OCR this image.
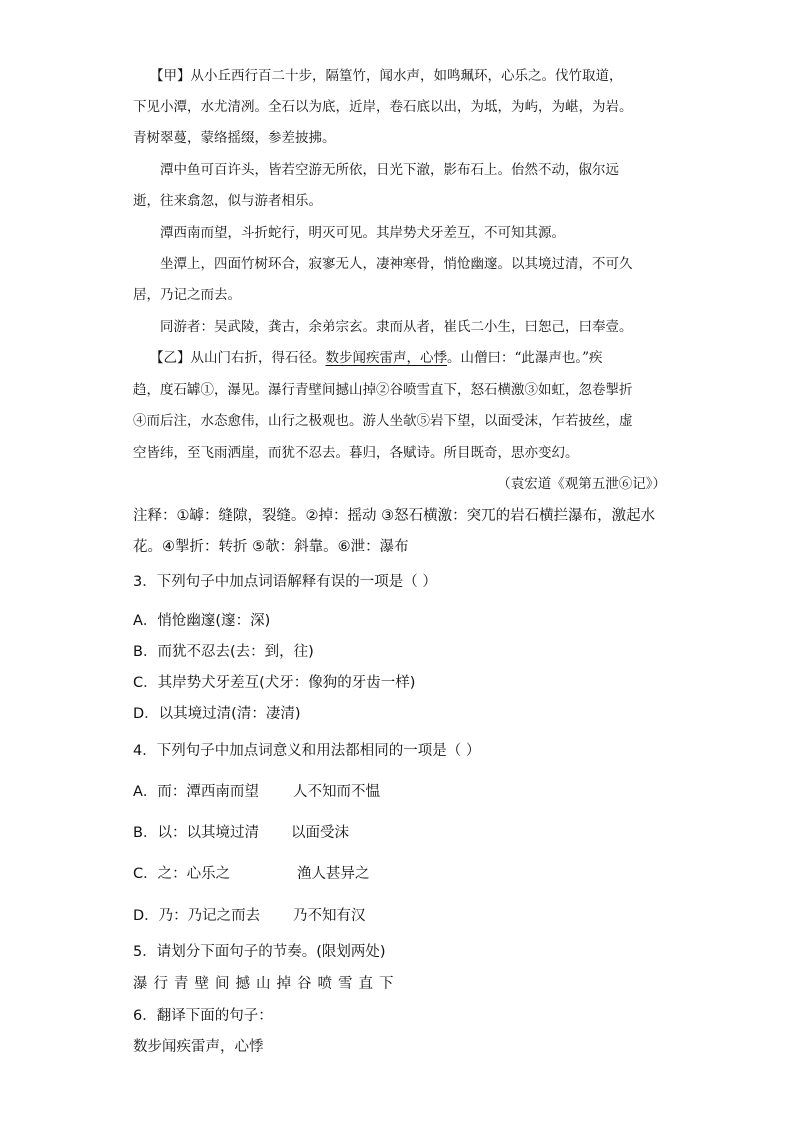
【甲】从小丘西行百二十步，隔篁竹，闻水声，如鸣珮环，心乐之。伐竹取道，
下见小潭，水尤清冽。全石以为底，近岸，卷石底以出，为坻，为屿，为嵁，为岩。
青树翠蔓，蒙络摇缀，参差披拂。
潭中鱼可百许头，皆若空游无所依，日光下澈，影布石上。佁然不动，俶尔远
逝，往来翕忽，似与游者相乐。
潭西南而望，斗折蛇行，明灭可见。其岸势犬牙差互，不可知其源。
坐潭上，四面竹树环合，寂寥无人，凄神寒骨，悄怆幽邃。以其境过清，不可久
居，乃记之而去。
同游者：吴武陵，龚古，余弟宗玄。隶而从者，崔氏二小生，曰恕己，曰奉壹。
【乙】从山门右折，得石径。数步闻疾雷声，心悸。山僧曰：“此瀑声也。”疾
趋，度石罅①，瀑见。瀑行青壁间撼山掉②谷喷雪直下，怒石横激③如虹，忽卷掣折
④而后注，水态愈伟，山行之极观也。游人坐欹⑤岩下望，以面受沫，乍若披丝，虚
空皆纬，至飞雨洒崖，而犹不忍去。暮归，各赋诗。所目既奇，思亦变幻。
（袁宏道《观第五泄⑥记》）
注释：①罅：缝隙，裂缝。②掉：摇动 ③怒石横激：突兀的岩石横拦瀑布，激起水
花。④掣折：转折 ⑤欹：斜靠。⑥泄：瀑布
3．下列句子中加点词语解释有误的一项是（ ）
A．悄怆幽邃(邃：深)
B．而犹不忍去(去：到，往)
C．其岸势犬牙差互(犬牙：像狗的牙齿一样)
D．以其境过清(清：凄清)
4．下列句子中加点词意义和用法都相同的一项是（ ）
A．而：潭西南而望 人不知而不愠
B．以：以其境过清 以面受沫
C．之：心乐之	渔人甚异之
D．乃：乃记之而去 乃不知有汉
5．请划分下面句子的节奏。(限划两处)
瀑行青壁间撼山掉谷喷雪直下
6．翻译下面的句子：
数步闻疾雷声，心悸
